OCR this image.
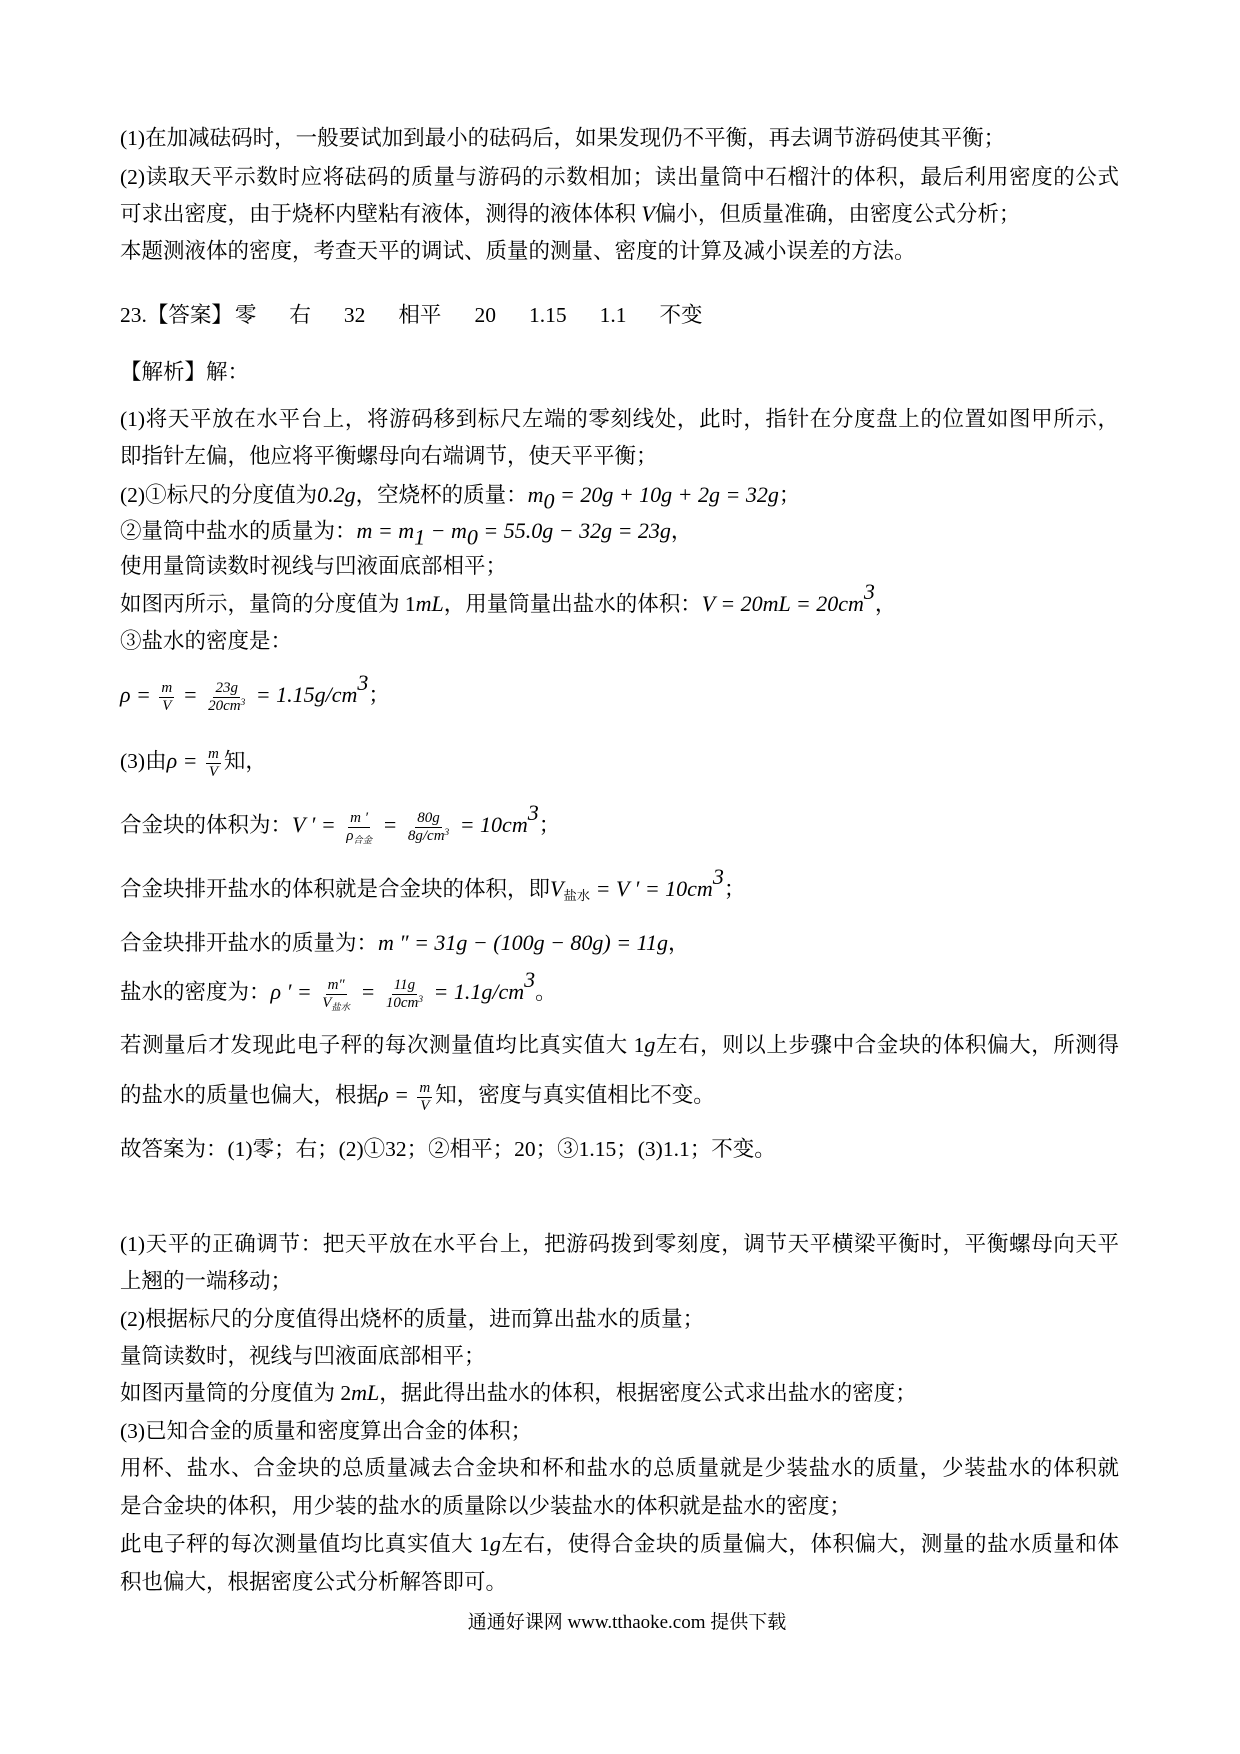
(1)在加减砝码时，一般要试加到最小的砝码后，如果发现仍不平衡，再去调节游码使其平衡；
(2)读取天平示数时应将砝码的质量与游码的示数相加；读出量筒中石榴汁的体积，最后利用密度的公式
可求出密度，由于烧杯内壁粘有液体，测得的液体体积 V偏小，但质量准确，由密度公式分析；
本题测液体的密度，考查天平的调试、质量的测量、密度的计算及减小误差的方法。
23.【答案】零 右 32 相平 20 1.15 1.1 不变
【解析】解：
(1)将天平放在水平台上，将游码移到标尺左端的零刻线处，此时，指针在分度盘上的位置如图甲所示，
即指针左偏，他应将平衡螺母向右端调节，使天平平衡；
(2)①标尺的分度值为0.2g，空烧杯的质量：$m_0 = 20g + 10g + 2g = 32g$；
②量筒中盐水的质量为：$m = m_1 - m_0 = 55.0g - 32g = 23g$，
使用量筒读数时视线与凹液面底部相平；
如图丙所示，量筒的分度值为 1mL，用量筒量出盐水的体积：$V = 20mL = 20cm^3$，
③盐水的密度是：
$\rho = \frac{m}{V} = \frac{23g}{20cm^3} = 1.15g/cm^3$；
(3)由$\rho = \frac{m}{V}$ 知，
合金块的体积为：V ′ = $\frac{m '}{\rho_{合金}} = \frac{80g}{8g/cm^3} = 10cm^3$；
合金块排开盐水的体积就是合金块的体积，即$V_{盐水} = V$ ′ = $10cm^3$；
合金块排开盐水的质量为：m ″ = 31g − (100g − 80g) = 11g，
盐水的密度为：ρ ′ = $\frac{m''}{V_{盐水}} = \frac{11g}{10cm^3} = 1.1g/cm^3$。
若测量后才发现此电子秤的每次测量值均比真实值大 1g左右，则以上步骤中合金块的体积偏大，所测得
的盐水的质量也偏大，根据$\rho = \frac{m}{V}$ 知，密度与真实值相比不变。
故答案为：(1)零；右；(2)①32；②相平；20；③1.15；(3)1.1；不变。
(1)天平的正确调节：把天平放在水平台上，把游码拨到零刻度，调节天平横梁平衡时，平衡螺母向天平
上翘的一端移动；
(2)根据标尺的分度值得出烧杯的质量，进而算出盐水的质量；
量筒读数时，视线与凹液面底部相平；
如图丙量筒的分度值为 2mL，据此得出盐水的体积，根据密度公式求出盐水的密度；
(3)已知合金的质量和密度算出合金的体积；
用杯、盐水、合金块的总质量减去合金块和杯和盐水的总质量就是少装盐水的质量，少装盐水的体积就
是合金块的体积，用少装的盐水的质量除以少装盐水的体积就是盐水的密度；
此电子秤的每次测量值均比真实值大 1g左右，使得合金块的质量偏大，体积偏大，测量的盐水质量和体
积也偏大，根据密度公式分析解答即可。
通通好课网 www.tthaoke.com 提供下载
